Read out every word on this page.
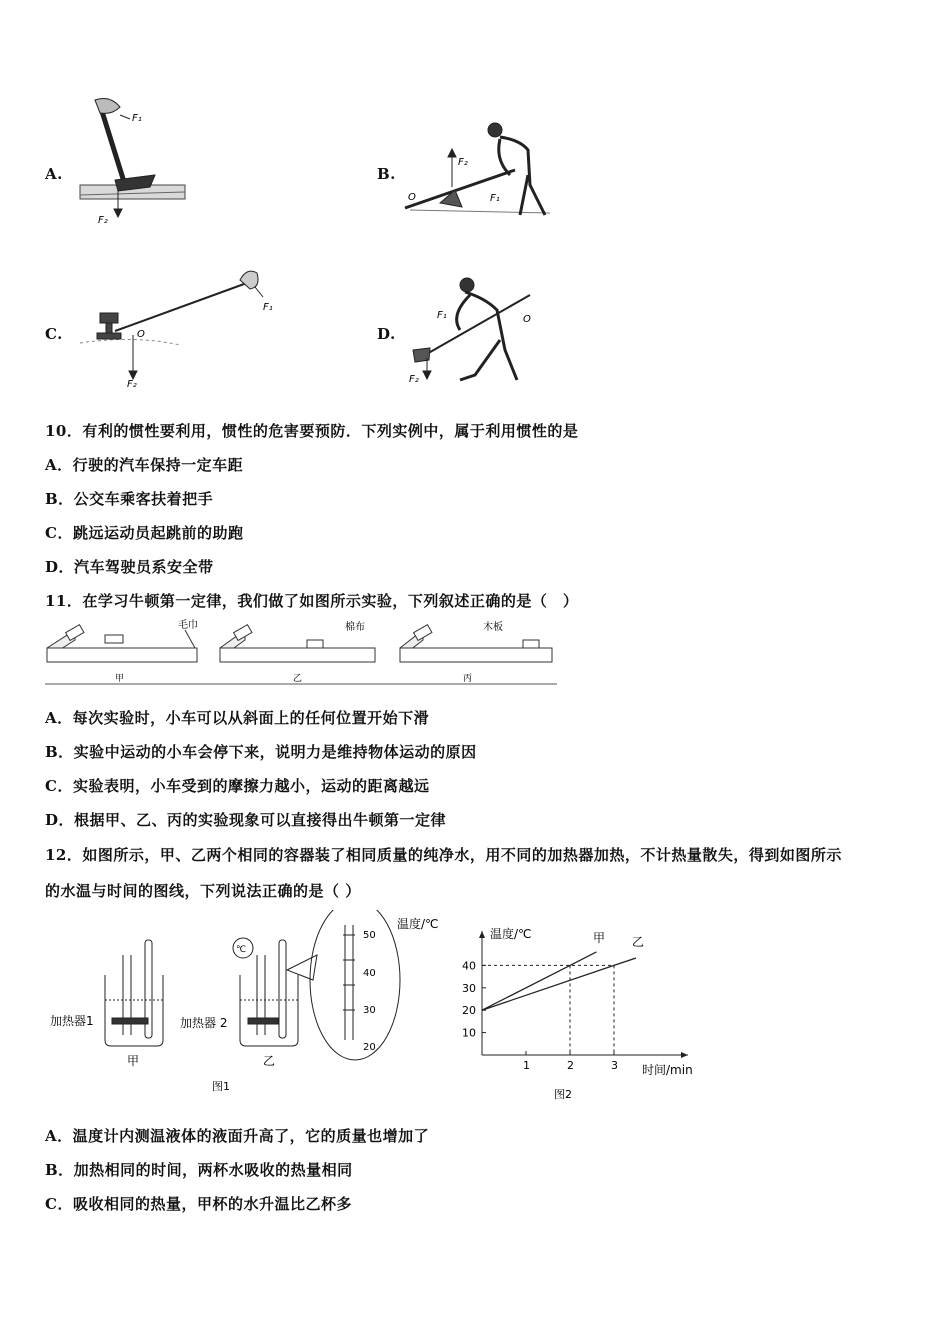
A.
F₁
F₂
B.
F₂
F₁
O
C.	O
F₁
F₂
D.
F₁	O
F₂
10．有利的惯性要利用，惯性的危害要预防．下列实例中，属于利用惯性的是
A．行驶的汽车保持一定车距
B．公交车乘客扶着把手
C．跳远运动员起跳前的助跑
D．汽车驾驶员系安全带
11．在学习牛顿第一定律，我们做了如图所示实验，下列叙述正确的是（　）
毛巾	棉布	木板
甲	乙	丙
A．每次实验时，小车可以从斜面上的任何位置开始下滑
B．实验中运动的小车会停下来，说明力是维持物体运动的原因
C．实验表明，小车受到的摩擦力越小，运动的距离越远
D．根据甲、乙、丙的实验现象可以直接得出牛顿第一定律
12．如图所示，甲、乙两个相同的容器装了相同质量的纯净水，用不同的加热器加热，不计热量散失，得到如图所示
的水温与时间的图线，下列说法正确的是（ ）
加热器1	加热器 2
甲	乙
℃
温度/℃
50
40
30
20
图1
1	2	3
10
20
30
40
温度/℃
时间/min
甲 乙
图2
A．温度计内测温液体的液面升高了，它的质量也增加了
B．加热相同的时间，两杯水吸收的热量相同
C．吸收相同的热量，甲杯的水升温比乙杯多
